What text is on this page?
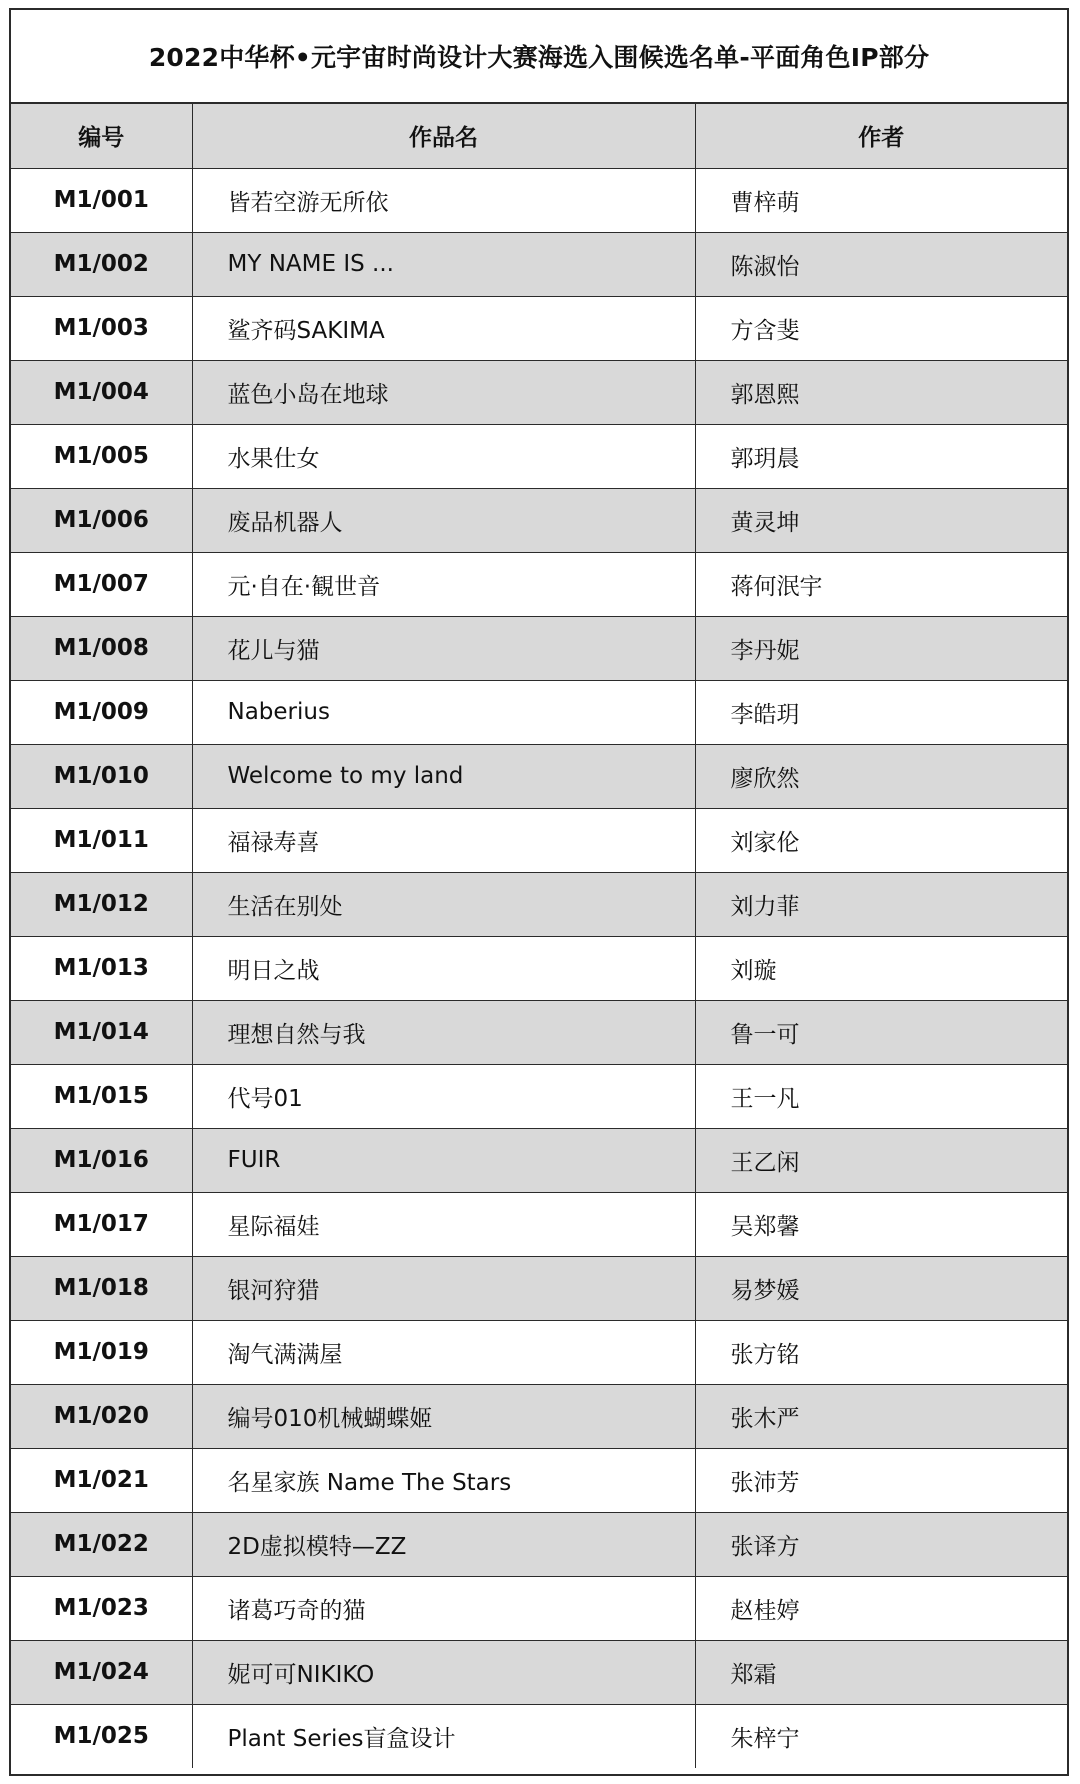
2022中华杯•元宇宙时尚设计大赛海选入围候选名单-平面角色IP部分
编号	作品名	作者
M1/001	皆若空游无所依	曹梓萌
M1/002	MY NAME IS ...	陈淑怡
M1/003	鲨齐码SAKIMA	方含斐
M1/004	蓝色小岛在地球	郭恩熙
M1/005	水果仕女	郭玥晨
M1/006	废品机器人	黄灵坤
M1/007	元·自在·観世音	蒋何泯宇
M1/008	花儿与猫	李丹妮
M1/009	Naberius	李皓玥
M1/010	Welcome to my land	廖欣然
M1/011	福禄寿喜	刘家伦
M1/012	生活在别处	刘力菲
M1/013	明日之战	刘璇
M1/014	理想自然与我	鲁一可
M1/015	代号01	王一凡
M1/016	FUIR	王乙闲
M1/017	星际福娃	吴郑馨
M1/018	银河狩猎	易梦媛
M1/019	淘气满满屋	张方铭
M1/020	编号010机械蝴蝶姬	张木严
M1/021	名星家族 Name The Stars	张沛芳
M1/022	2D虚拟模特—ZZ	张译方
M1/023	诸葛巧奇的猫	赵桂婷
M1/024	妮可可NIKIKO	郑霜
M1/025	Plant Series盲盒设计	朱梓宁
